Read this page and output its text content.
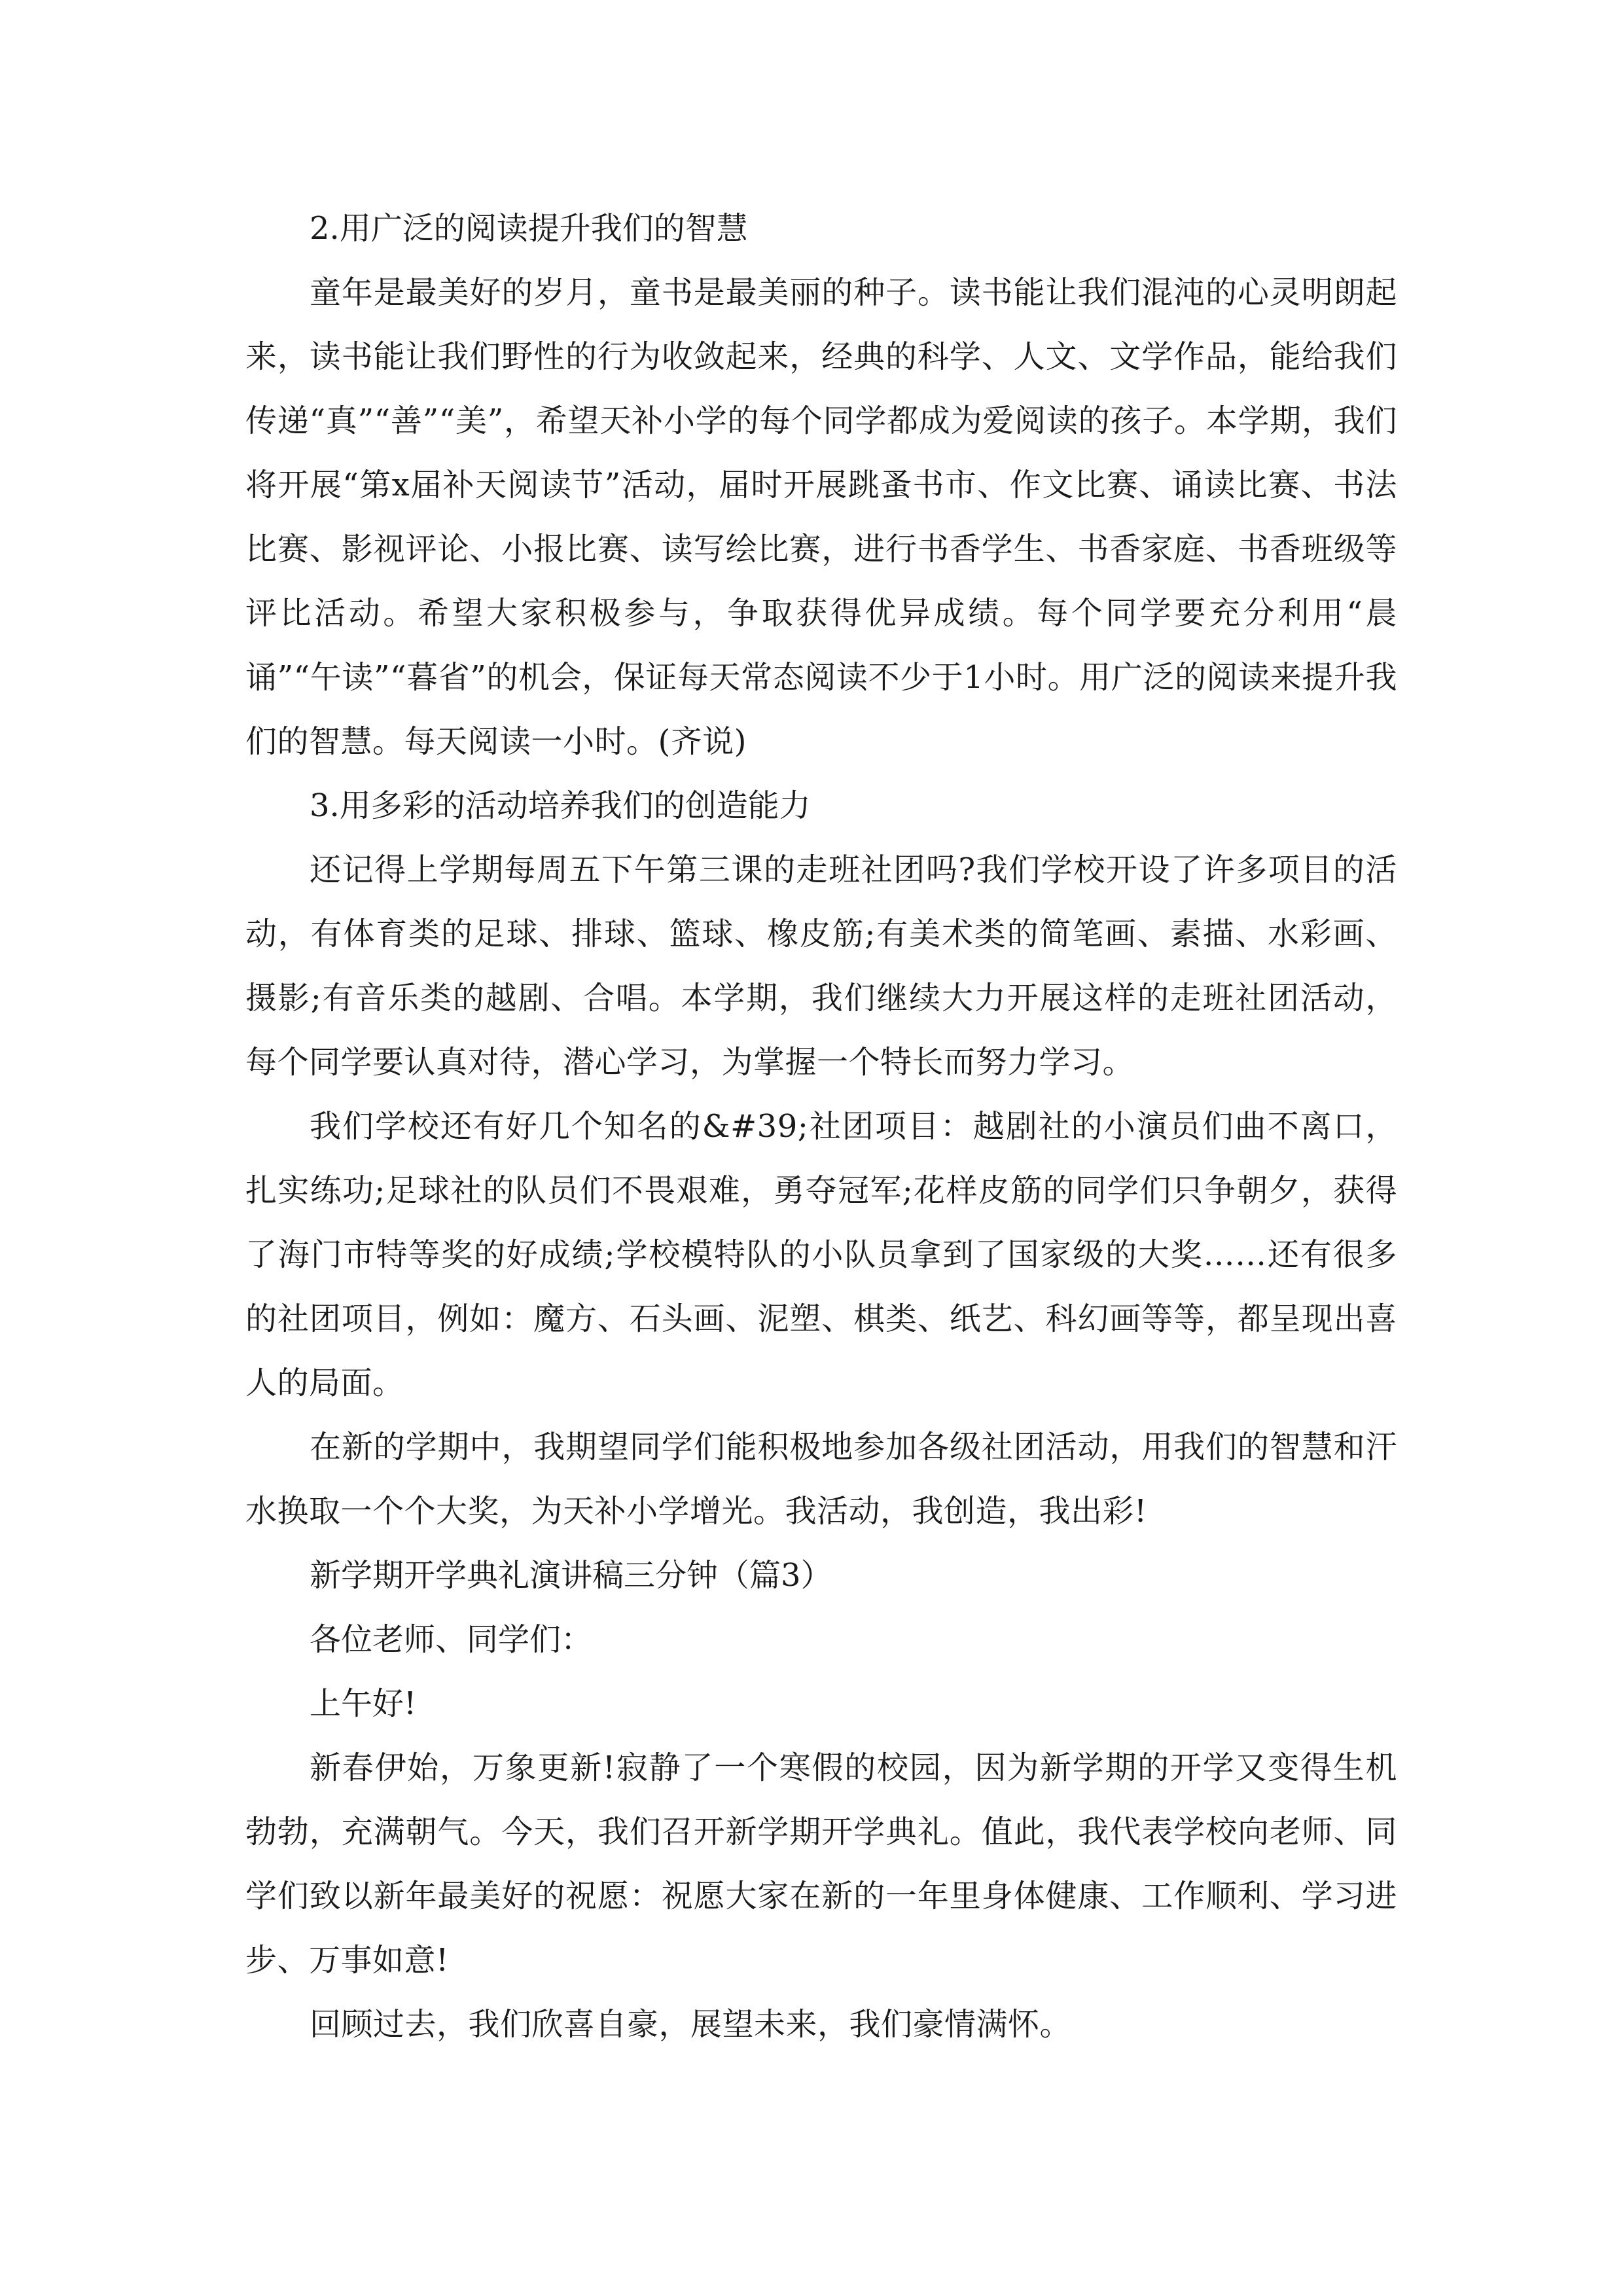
2.用广泛的阅读提升我们的智慧

童年是最美好的岁月，童书是最美丽的种子。读书能让我们混沌的心灵明朗起来，读书能让我们野性的行为收敛起来，经典的科学、人文、文学作品，能给我们传递“真”“善”“美”，希望天补小学的每个同学都成为爱阅读的孩子。本学期，我们将开展“第x届补天阅读节”活动，届时开展跳蚤书市、作文比赛、诵读比赛、书法比赛、影视评论、小报比赛、读写绘比赛，进行书香学生、书香家庭、书香班级等评比活动。希望大家积极参与，争取获得优异成绩。每个同学要充分利用“晨诵”“午读”“暮省”的机会，保证每天常态阅读不少于1小时。用广泛的阅读来提升我们的智慧。每天阅读一小时。(齐说)

3.用多彩的活动培养我们的创造能力

还记得上学期每周五下午第三课的走班社团吗?我们学校开设了许多项目的活动，有体育类的足球、排球、篮球、橡皮筋;有美术类的简笔画、素描、水彩画、摄影;有音乐类的越剧、合唱。本学期，我们继续大力开展这样的走班社团活动，每个同学要认真对待，潜心学习，为掌握一个特长而努力学习。

我们学校还有好几个知名的&#39;社团项目：越剧社的小演员们曲不离口，扎实练功;足球社的队员们不畏艰难，勇夺冠军;花样皮筋的同学们只争朝夕，获得了海门市特等奖的好成绩;学校模特队的小队员拿到了国家级的大奖……还有很多的社团项目，例如：魔方、石头画、泥塑、棋类、纸艺、科幻画等等，都呈现出喜人的局面。

在新的学期中，我期望同学们能积极地参加各级社团活动，用我们的智慧和汗水换取一个个大奖，为天补小学增光。我活动，我创造，我出彩!

新学期开学典礼演讲稿三分钟（篇3）

各位老师、同学们：

上午好!

新春伊始，万象更新!寂静了一个寒假的校园，因为新学期的开学又变得生机勃勃，充满朝气。今天，我们召开新学期开学典礼。值此，我代表学校向老师、同学们致以新年最美好的祝愿：祝愿大家在新的一年里身体健康、工作顺利、学习进步、万事如意!

回顾过去，我们欣喜自豪，展望未来，我们豪情满怀。
